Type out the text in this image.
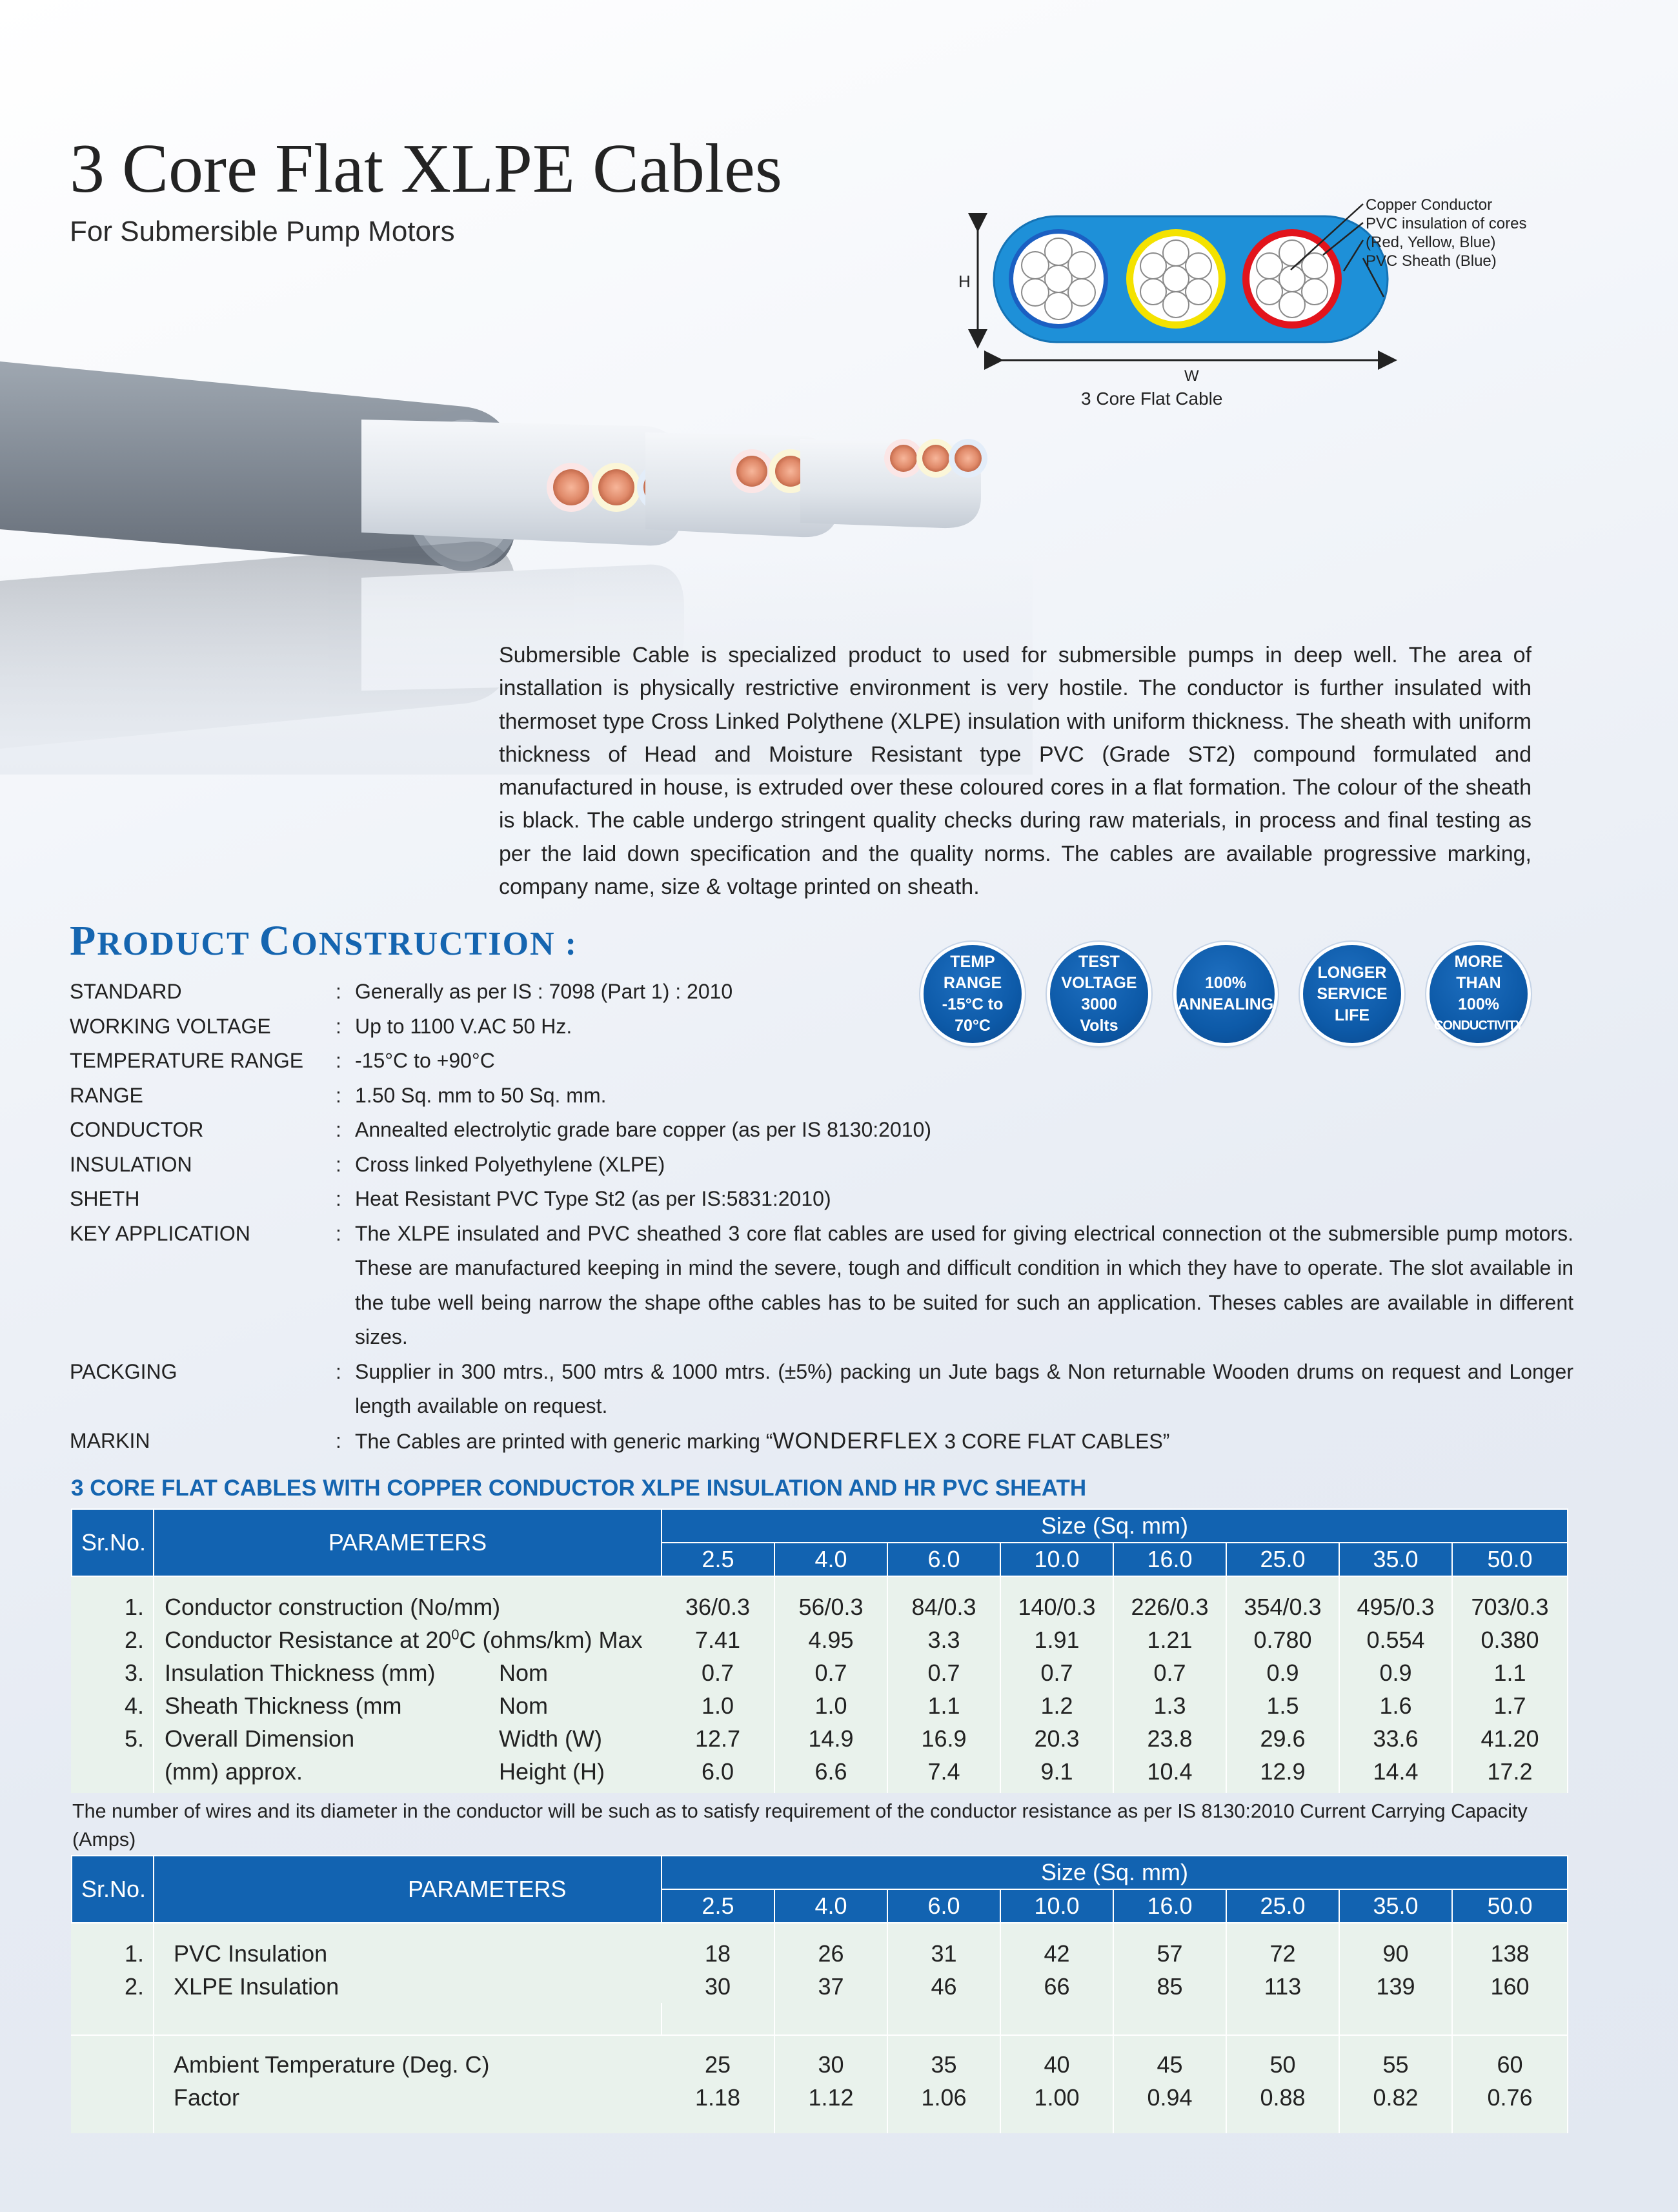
3 Core Flat XLPE Cables
For Submersible Pump Motors
H
W
3 Core Flat Cable
Copper Conductor
PVC insulation of cores
(Red, Yellow, Blue)
PVC Sheath (Blue)
Submersible Cable is specialized product to used for submersible pumps in deep well. The area of installation is physically restrictive environment is very hostile. The conductor is further insulated with thermoset type Cross Linked Polythene (XLPE) insulation with uniform thickness. The sheath with uniform thickness of Head and Moisture Resistant type PVC (Grade ST2) compound formulated and manufactured in house, is extruded over these coloured cores in a flat formation. The colour of the sheath is black. The cable undergo stringent quality checks during raw materials, in process and final testing as per the laid down specification and the quality norms. The cables are available progressive marking, company name, size & voltage printed on sheath.
PRODUCT CONSTRUCTION :	TEMP
RANGE
-15°C to
70°C
TEST
VOLTAGE
3000
Volts
100%
ANNEALING
LONGER
SERVICE
LIFE
MORE
THAN
100%
CONDUCTIVITY
STANDARD	: Generally as per IS : 7098 (Part 1) : 2010
WORKING VOLTAGE	: Up to 1100 V.AC 50 Hz.
TEMPERATURE RANGE	: -15°C to +90°C
RANGE	: 1.50 Sq. mm to 50 Sq. mm.
CONDUCTOR	: Annealted electrolytic grade bare copper (as per IS 8130:2010)
INSULATION	: Cross linked Polyethylene (XLPE)
SHETH	: Heat Resistant PVC Type St2 (as per IS:5831:2010)
KEY APPLICATION	: The XLPE insulated and PVC sheathed 3 core flat cables are used for giving electrical connection ot the submersible pump motors. These are manufactured keeping in mind the severe, tough and difficult condition in which they have to operate. The slot available in the tube well being narrow the shape ofthe cables has to be suited for such an application. Theses cables are available in different sizes.
PACKGING	: Supplier in 300 mtrs., 500 mtrs & 1000 mtrs. (±5%) packing un Jute bags & Non returnable Wooden drums on request and Longer length available on request.
MARKIN	: The Cables are printed with generic marking “WONDERFLEX 3 CORE FLAT CABLES”
3 CORE FLAT CABLES WITH COPPER CONDUCTOR XLPE INSULATION AND HR PVC SHEATH
Sr.No.	PARAMETERS		Size (Sq. mm)							
			2.5	4.0	6.0	10.0	16.0	25.0	35.0	50.0
1.	Conductor construction (No/mm)		36/0.3	56/0.3	84/0.3	140/0.3	226/0.3	354/0.3	495/0.3	703/0.3
2.	Conductor Resistance at $20^0C$ (ohms/km) Max		7.41	4.95	3.3	1.91	1.21	0.780	0.554	0.380
3.	Insulation Thickness (mm)	Nom	0.7	0.7	0.7	0.7	0.7	0.9	0.9	1.1
4.	Sheath Thickness (mm	Nom	1.0	1.0	1.1	1.2	1.3	1.5	1.6	1.7
5.	Overall Dimension	Width (W)	12.7	14.9	16.9	20.3	23.8	29.6	33.6	41.20
	(mm) approx.	Height (H)	6.0	6.6	7.4	9.1	10.4	12.9	14.4	17.2
The number of wires and its diameter in the conductor will be such as to satisfy requirement of the conductor resistance as per IS 8130:2010 Current Carrying Capacity (Amps)
Sr.No.	PARAMETERS	Size (Sq. mm)							
		2.5	4.0	6.0	10.0	16.0	25.0	35.0	50.0
1.	PVC Insulation	18	26	31	42	57	72	90	138
2.	XLPE Insulation	30	37	46	66	85	113	139	160

	Ambient Temperature (Deg. C)	25	30	35	40	45	50	55	60
	Factor	1.18	1.12	1.06	1.00	0.94	0.88	0.82	0.76
